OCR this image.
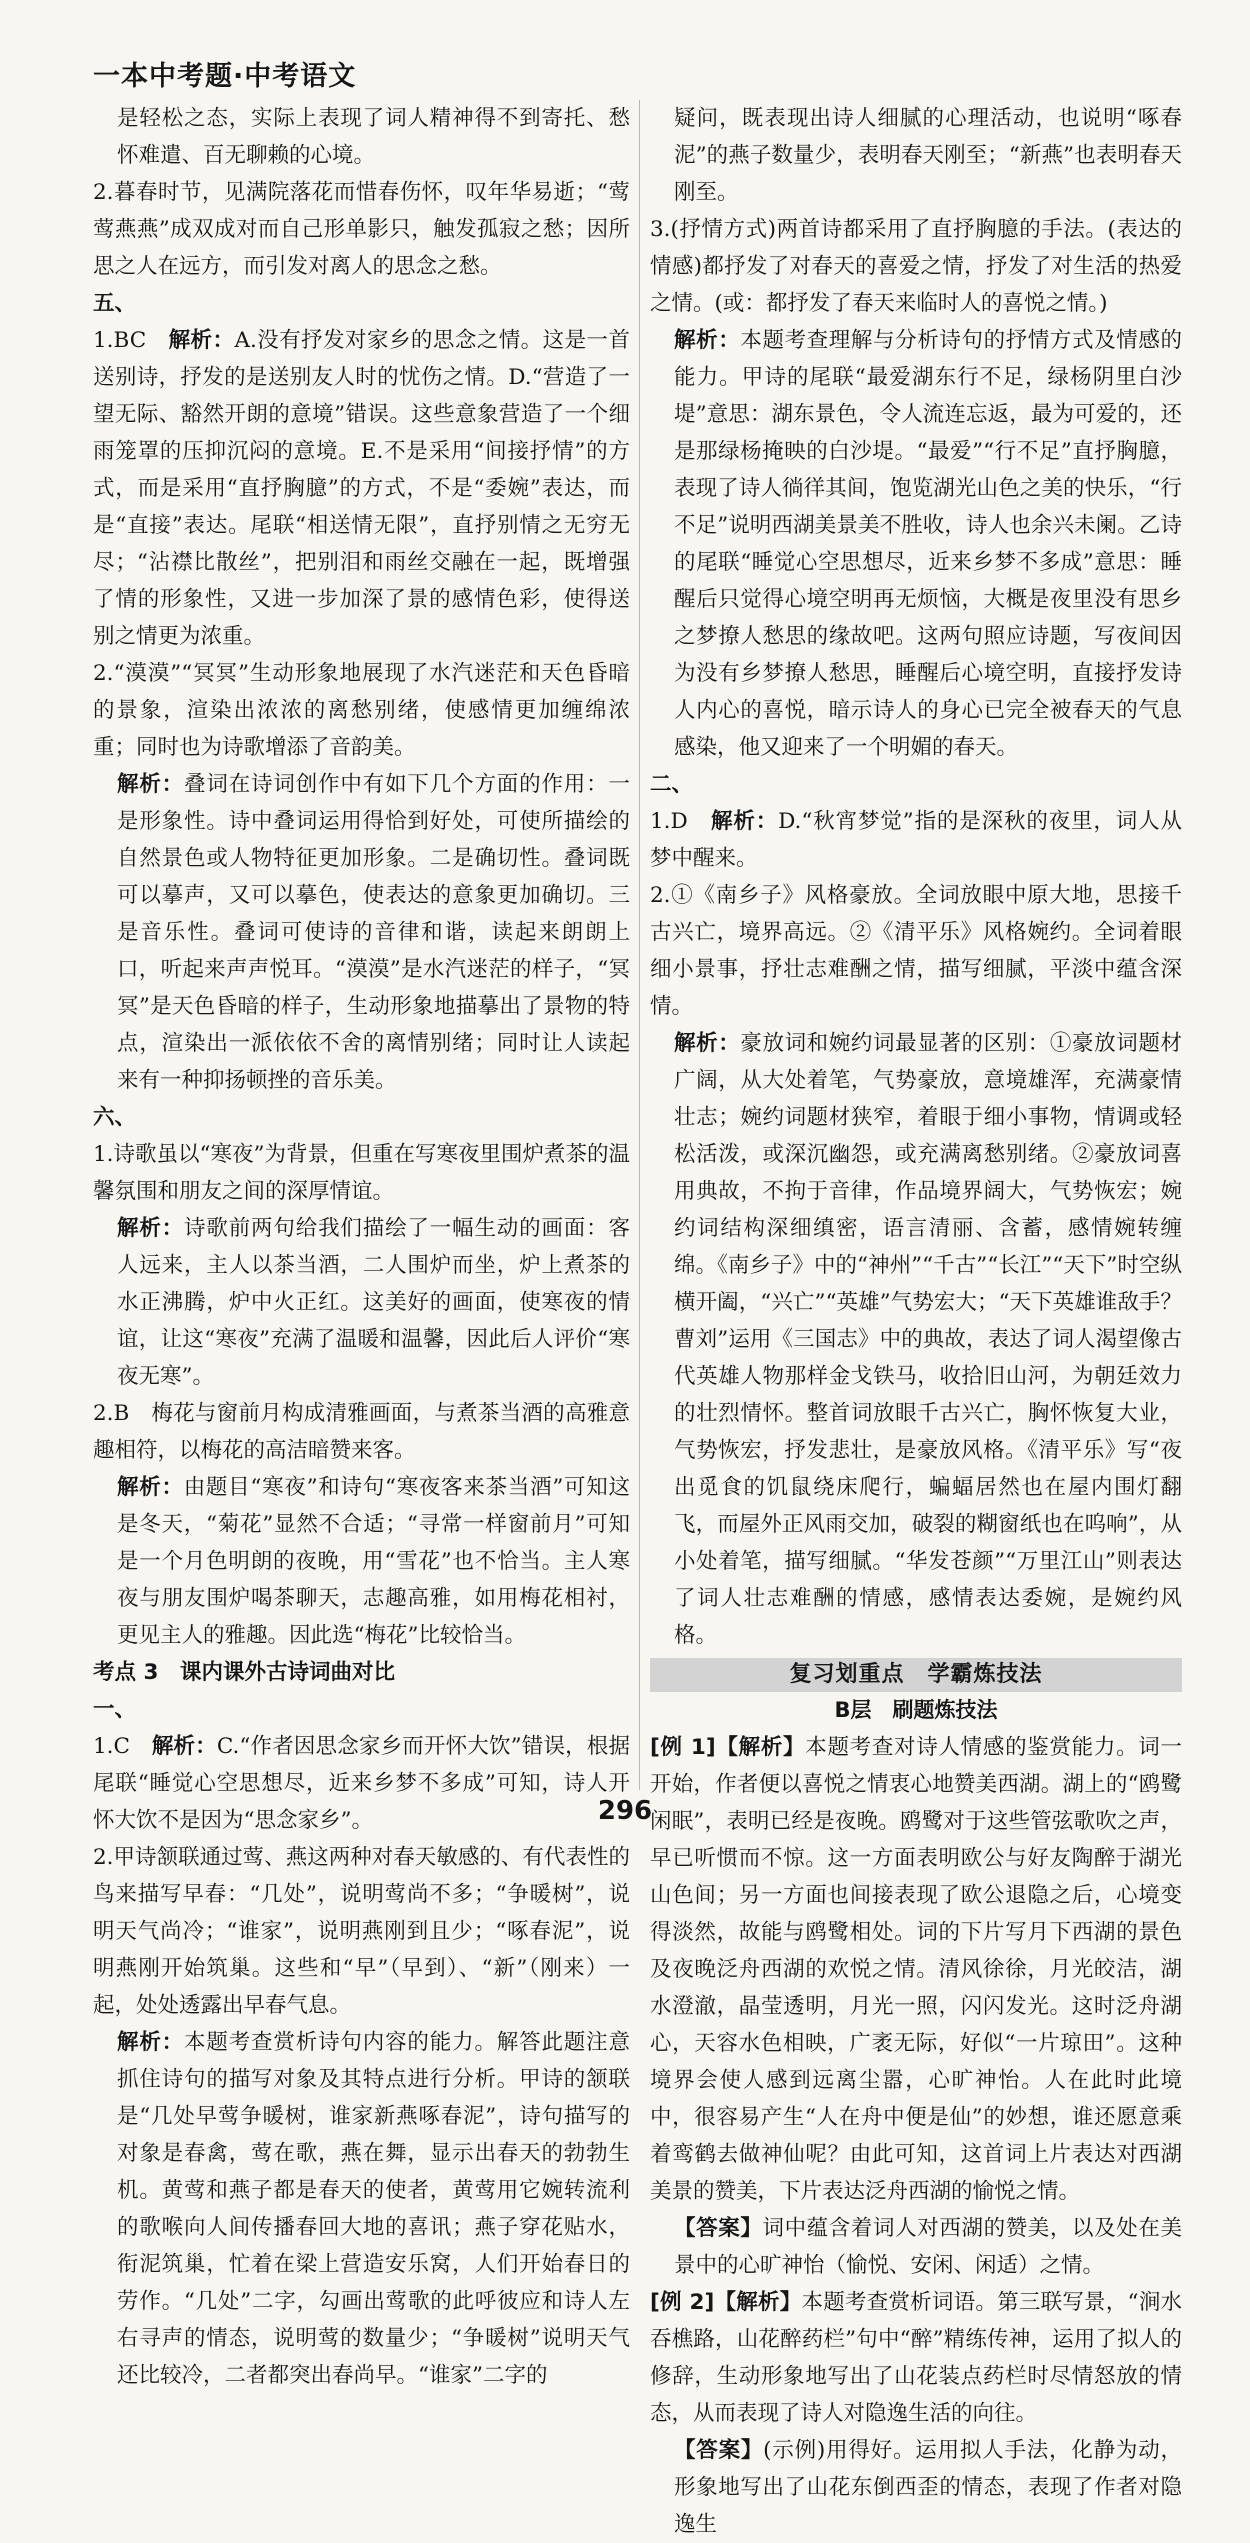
一本中考题·中考语文

是轻松之态，实际上表现了词人精神得不到寄托、愁怀难遣、百无聊赖的心境。

2.暮春时节，见满院落花而惜春伤怀，叹年华易逝；“莺莺燕燕”成双成对而自己形单影只，触发孤寂之愁；因所思之人在远方，而引发对离人的思念之愁。

五、

1.BC　解析：A.没有抒发对家乡的思念之情。这是一首送别诗，抒发的是送别友人时的忧伤之情。D.“营造了一望无际、豁然开朗的意境”错误。这些意象营造了一个细雨笼罩的压抑沉闷的意境。E.不是采用“间接抒情”的方式，而是采用“直抒胸臆”的方式，不是“委婉”表达，而是“直接”表达。尾联“相送情无限”，直抒别情之无穷无尽；“沾襟比散丝”，把别泪和雨丝交融在一起，既增强了情的形象性，又进一步加深了景的感情色彩，使得送别之情更为浓重。

2.“漠漠”“冥冥”生动形象地展现了水汽迷茫和天色昏暗的景象，渲染出浓浓的离愁别绪，使感情更加缠绵浓重；同时也为诗歌增添了音韵美。

解析：叠词在诗词创作中有如下几个方面的作用：一是形象性。诗中叠词运用得恰到好处，可使所描绘的自然景色或人物特征更加形象。二是确切性。叠词既可以摹声，又可以摹色，使表达的意象更加确切。三是音乐性。叠词可使诗的音律和谐，读起来朗朗上口，听起来声声悦耳。“漠漠”是水汽迷茫的样子，“冥冥”是天色昏暗的样子，生动形象地描摹出了景物的特点，渲染出一派依依不舍的离情别绪；同时让人读起来有一种抑扬顿挫的音乐美。

六、

1.诗歌虽以“寒夜”为背景，但重在写寒夜里围炉煮茶的温馨氛围和朋友之间的深厚情谊。

解析：诗歌前两句给我们描绘了一幅生动的画面：客人远来，主人以茶当酒，二人围炉而坐，炉上煮茶的水正沸腾，炉中火正红。这美好的画面，使寒夜的情谊，让这“寒夜”充满了温暖和温馨，因此后人评价“寒夜无寒”。

2.B　梅花与窗前月构成清雅画面，与煮茶当酒的高雅意趣相符，以梅花的高洁暗赞来客。

解析：由题目“寒夜”和诗句“寒夜客来茶当酒”可知这是冬天，“菊花”显然不合适；“寻常一样窗前月”可知是一个月色明朗的夜晚，用“雪花”也不恰当。主人寒夜与朋友围炉喝茶聊天，志趣高雅，如用梅花相衬，更见主人的雅趣。因此选“梅花”比较恰当。

考点 3　课内课外古诗词曲对比

一、

1.C　解析：C.“作者因思念家乡而开怀大饮”错误，根据尾联“睡觉心空思想尽，近来乡梦不多成”可知，诗人开怀大饮不是因为“思念家乡”。

2.甲诗颔联通过莺、燕这两种对春天敏感的、有代表性的鸟来描写早春：“几处”，说明莺尚不多；“争暖树”，说明天气尚冷；“谁家”，说明燕刚到且少；“啄春泥”，说明燕刚开始筑巢。这些和“早”（早到）、“新”（刚来）一起，处处透露出早春气息。

解析：本题考查赏析诗句内容的能力。解答此题注意抓住诗句的描写对象及其特点进行分析。甲诗的颔联是“几处早莺争暖树，谁家新燕啄春泥”，诗句描写的对象是春禽，莺在歌，燕在舞，显示出春天的勃勃生机。黄莺和燕子都是春天的使者，黄莺用它婉转流利的歌喉向人间传播春回大地的喜讯；燕子穿花贴水，衔泥筑巢，忙着在梁上营造安乐窝，人们开始春日的劳作。“几处”二字，勾画出莺歌的此呼彼应和诗人左右寻声的情态，说明莺的数量少；“争暖树”说明天气还比较冷，二者都突出春尚早。“谁家”二字的

疑问，既表现出诗人细腻的心理活动，也说明“啄春泥”的燕子数量少，表明春天刚至；“新燕”也表明春天刚至。

3.(抒情方式)两首诗都采用了直抒胸臆的手法。(表达的情感)都抒发了对春天的喜爱之情，抒发了对生活的热爱之情。(或：都抒发了春天来临时人的喜悦之情。)

解析：本题考查理解与分析诗句的抒情方式及情感的能力。甲诗的尾联“最爱湖东行不足，绿杨阴里白沙堤”意思：湖东景色，令人流连忘返，最为可爱的，还是那绿杨掩映的白沙堤。“最爱”“行不足”直抒胸臆，表现了诗人徜徉其间，饱览湖光山色之美的快乐，“行不足”说明西湖美景美不胜收，诗人也余兴未阑。乙诗的尾联“睡觉心空思想尽，近来乡梦不多成”意思：睡醒后只觉得心境空明再无烦恼，大概是夜里没有思乡之梦撩人愁思的缘故吧。这两句照应诗题，写夜间因为没有乡梦撩人愁思，睡醒后心境空明，直接抒发诗人内心的喜悦，暗示诗人的身心已完全被春天的气息感染，他又迎来了一个明媚的春天。

二、

1.D　解析：D.“秋宵梦觉”指的是深秋的夜里，词人从梦中醒来。

2.①《南乡子》风格豪放。全词放眼中原大地，思接千古兴亡，境界高远。②《清平乐》风格婉约。全词着眼细小景事，抒壮志难酬之情，描写细腻，平淡中蕴含深情。

解析：豪放词和婉约词最显著的区别：①豪放词题材广阔，从大处着笔，气势豪放，意境雄浑，充满豪情壮志；婉约词题材狭窄，着眼于细小事物，情调或轻松活泼，或深沉幽怨，或充满离愁别绪。②豪放词喜用典故，不拘于音律，作品境界阔大，气势恢宏；婉约词结构深细缜密，语言清丽、含蓄，感情婉转缠绵。《南乡子》中的“神州”“千古”“长江”“天下”时空纵横开阖，“兴亡”“英雄”气势宏大；“天下英雄谁敌手？曹刘”运用《三国志》中的典故，表达了词人渴望像古代英雄人物那样金戈铁马，收拾旧山河，为朝廷效力的壮烈情怀。整首词放眼千古兴亡，胸怀恢复大业，气势恢宏，抒发悲壮，是豪放风格。《清平乐》写“夜出觅食的饥鼠绕床爬行，蝙蝠居然也在屋内围灯翻飞，而屋外正风雨交加，破裂的糊窗纸也在呜响”，从小处着笔，描写细腻。“华发苍颜”“万里江山”则表达了词人壮志难酬的情感，感情表达委婉，是婉约风格。

复习划重点　学霸炼技法

B层　刷题炼技法

[例 1]【解析】本题考查对诗人情感的鉴赏能力。词一开始，作者便以喜悦之情衷心地赞美西湖。湖上的“鸥鹭闲眠”，表明已经是夜晚。鸥鹭对于这些管弦歌吹之声，早已听惯而不惊。这一方面表明欧公与好友陶醉于湖光山色间；另一方面也间接表现了欧公退隐之后，心境变得淡然，故能与鸥鹭相处。词的下片写月下西湖的景色及夜晚泛舟西湖的欢悦之情。清风徐徐，月光皎洁，湖水澄澈，晶莹透明，月光一照，闪闪发光。这时泛舟湖心，天容水色相映，广袤无际，好似“一片琼田”。这种境界会使人感到远离尘嚣，心旷神怡。人在此时此境中，很容易产生“人在舟中便是仙”的妙想，谁还愿意乘着鸾鹤去做神仙呢？由此可知，这首词上片表达对西湖美景的赞美，下片表达泛舟西湖的愉悦之情。

【答案】词中蕴含着词人对西湖的赞美，以及处在美景中的心旷神怡（愉悦、安闲、闲适）之情。

[例 2]【解析】本题考查赏析词语。第三联写景，“涧水吞樵路，山花醉药栏”句中“醉”精练传神，运用了拟人的修辞，生动形象地写出了山花装点药栏时尽情怒放的情态，从而表现了诗人对隐逸生活的向往。

【答案】(示例)用得好。运用拟人手法，化静为动，形象地写出了山花东倒西歪的情态，表现了作者对隐逸生

296
